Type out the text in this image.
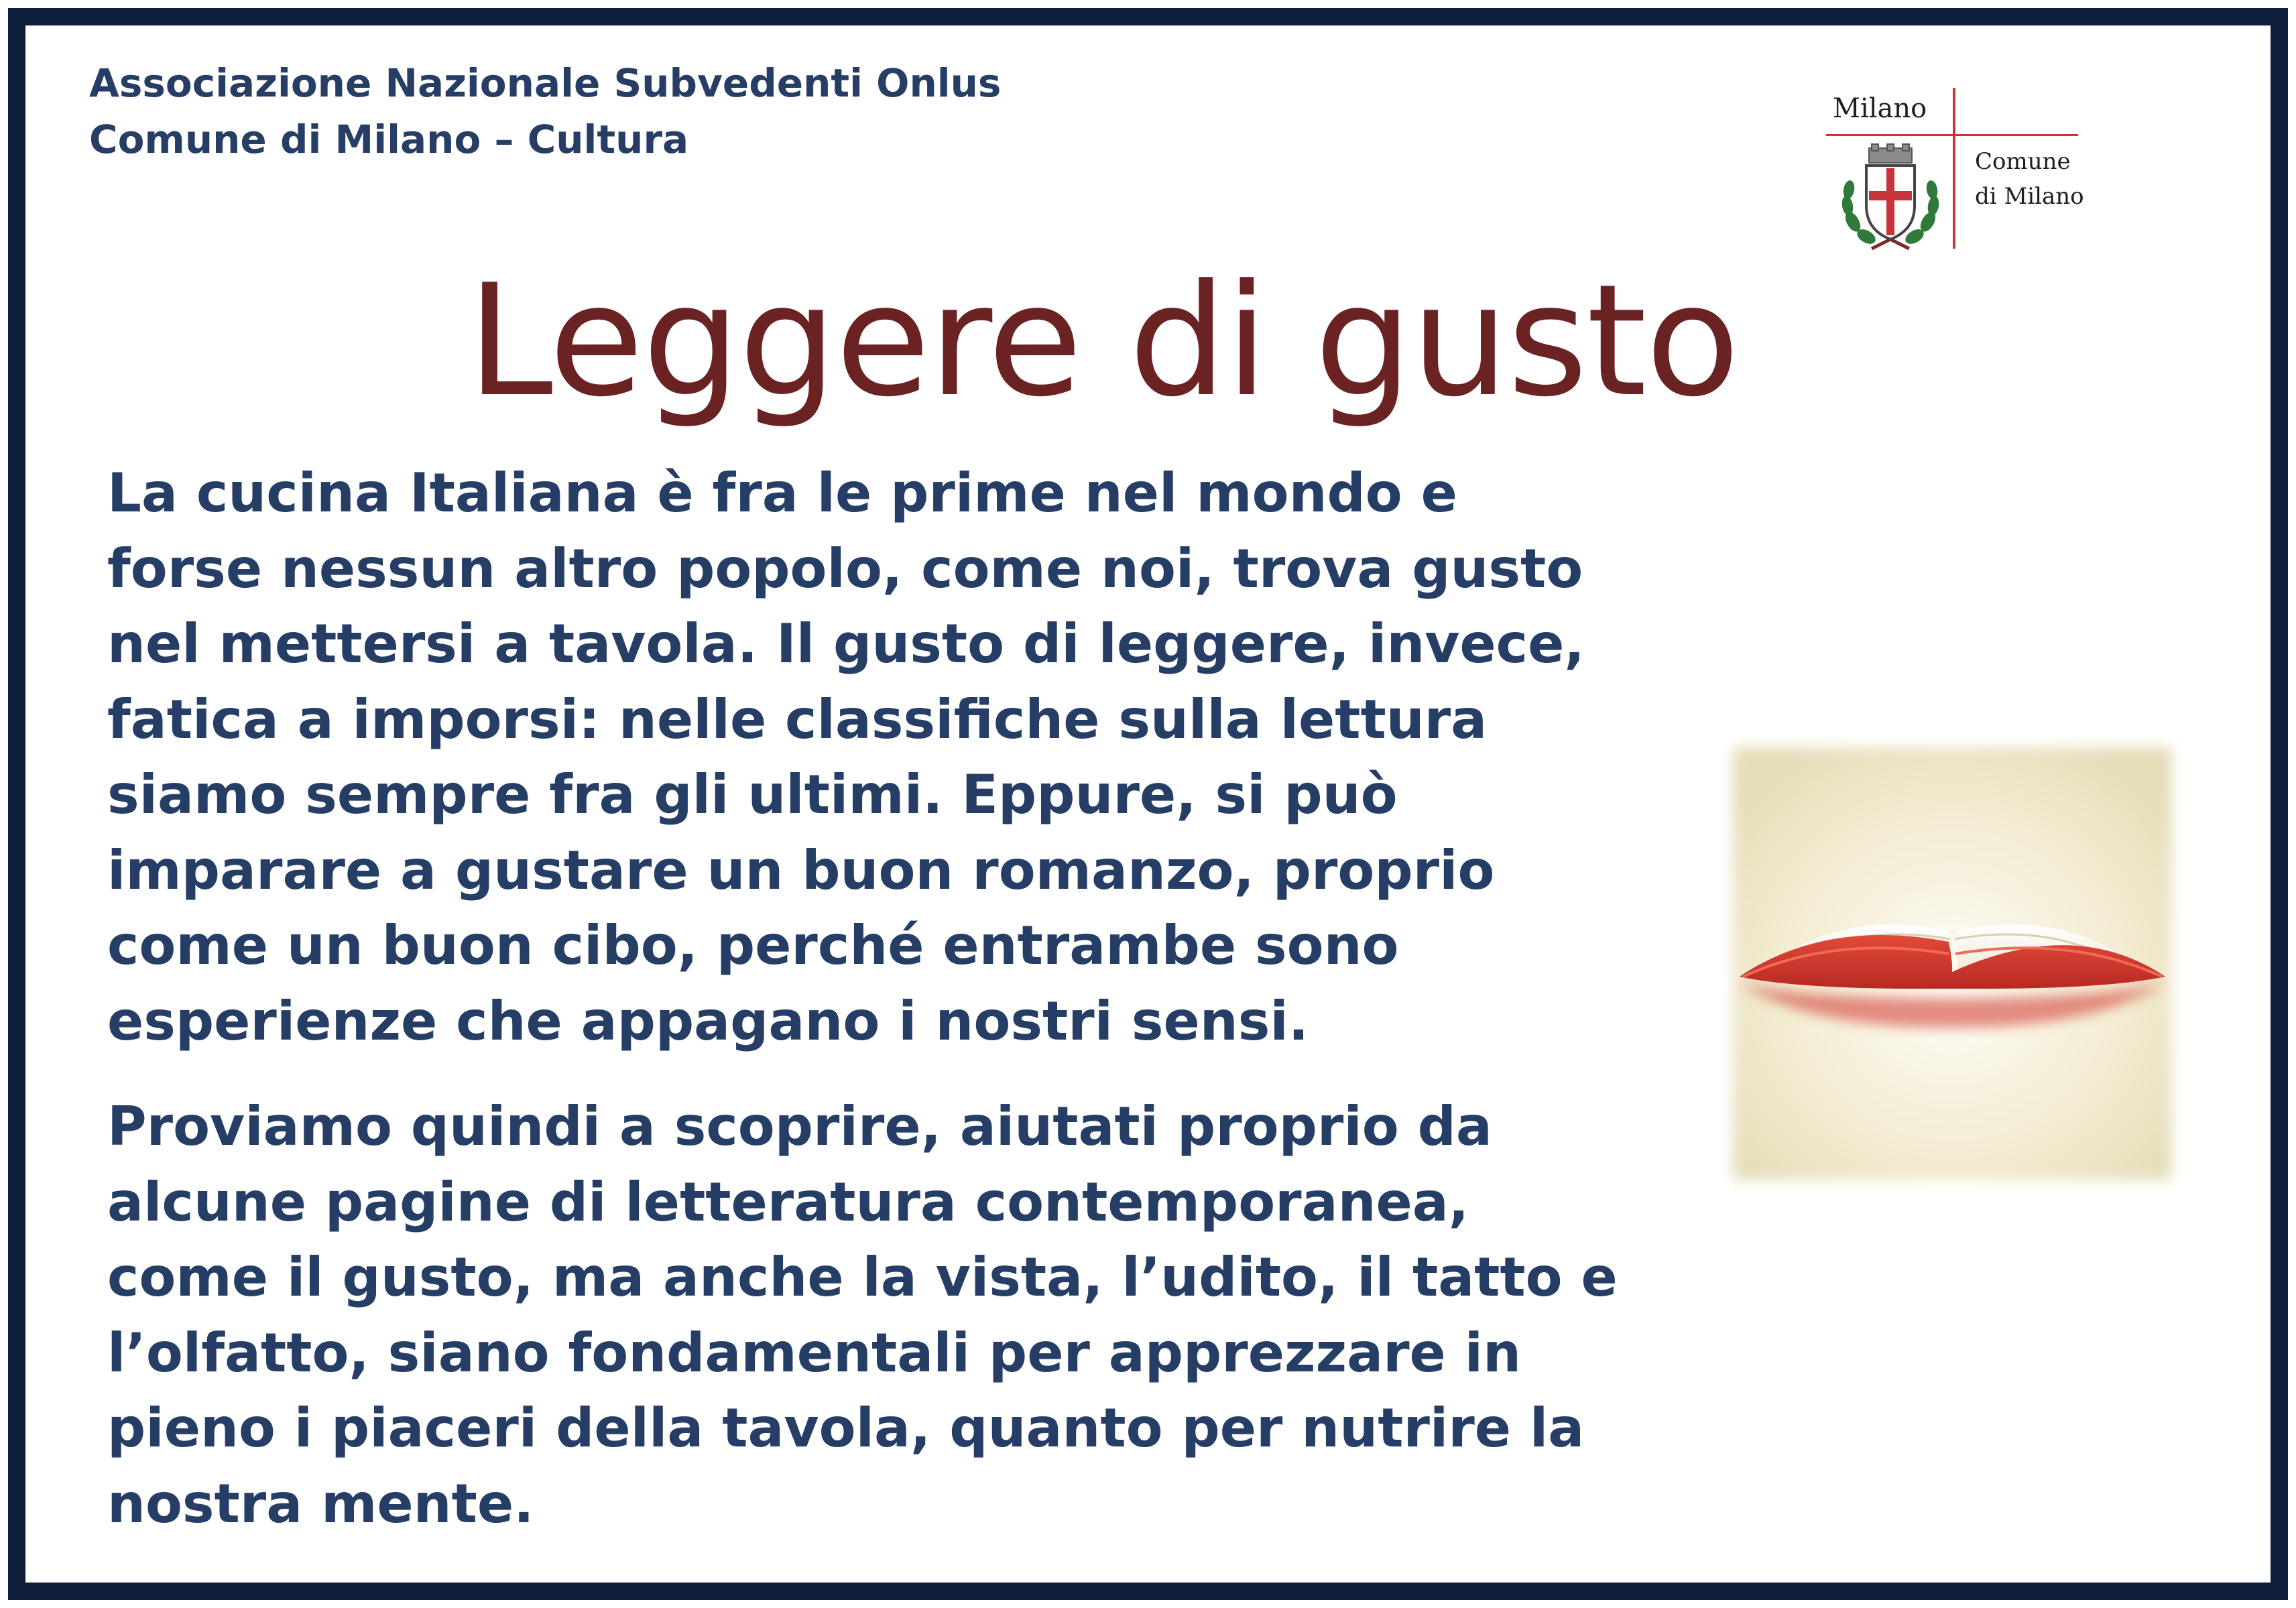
Associazione Nazionale Subvedenti Onlus
Comune di Milano – Cultura
Milano
Comune
di Milano
Leggere di gusto

La cucina Italiana è fra le prime nel mondo e
forse nessun altro popolo, come noi, trova gusto
nel mettersi a tavola. Il gusto di leggere, invece,
fatica a imporsi: nelle classifiche sulla lettura
siamo sempre fra gli ultimi. Eppure, si può
imparare a gustare un buon romanzo, proprio
come un buon cibo, perché entrambe sono
esperienze che appagano i nostri sensi.

Proviamo quindi a scoprire, aiutati proprio da
alcune pagine di letteratura contemporanea,
come il gusto, ma anche la vista, l’udito, il tatto e
l’olfatto, siano fondamentali per apprezzare in
pieno i piaceri della tavola, quanto per nutrire la
nostra mente.
